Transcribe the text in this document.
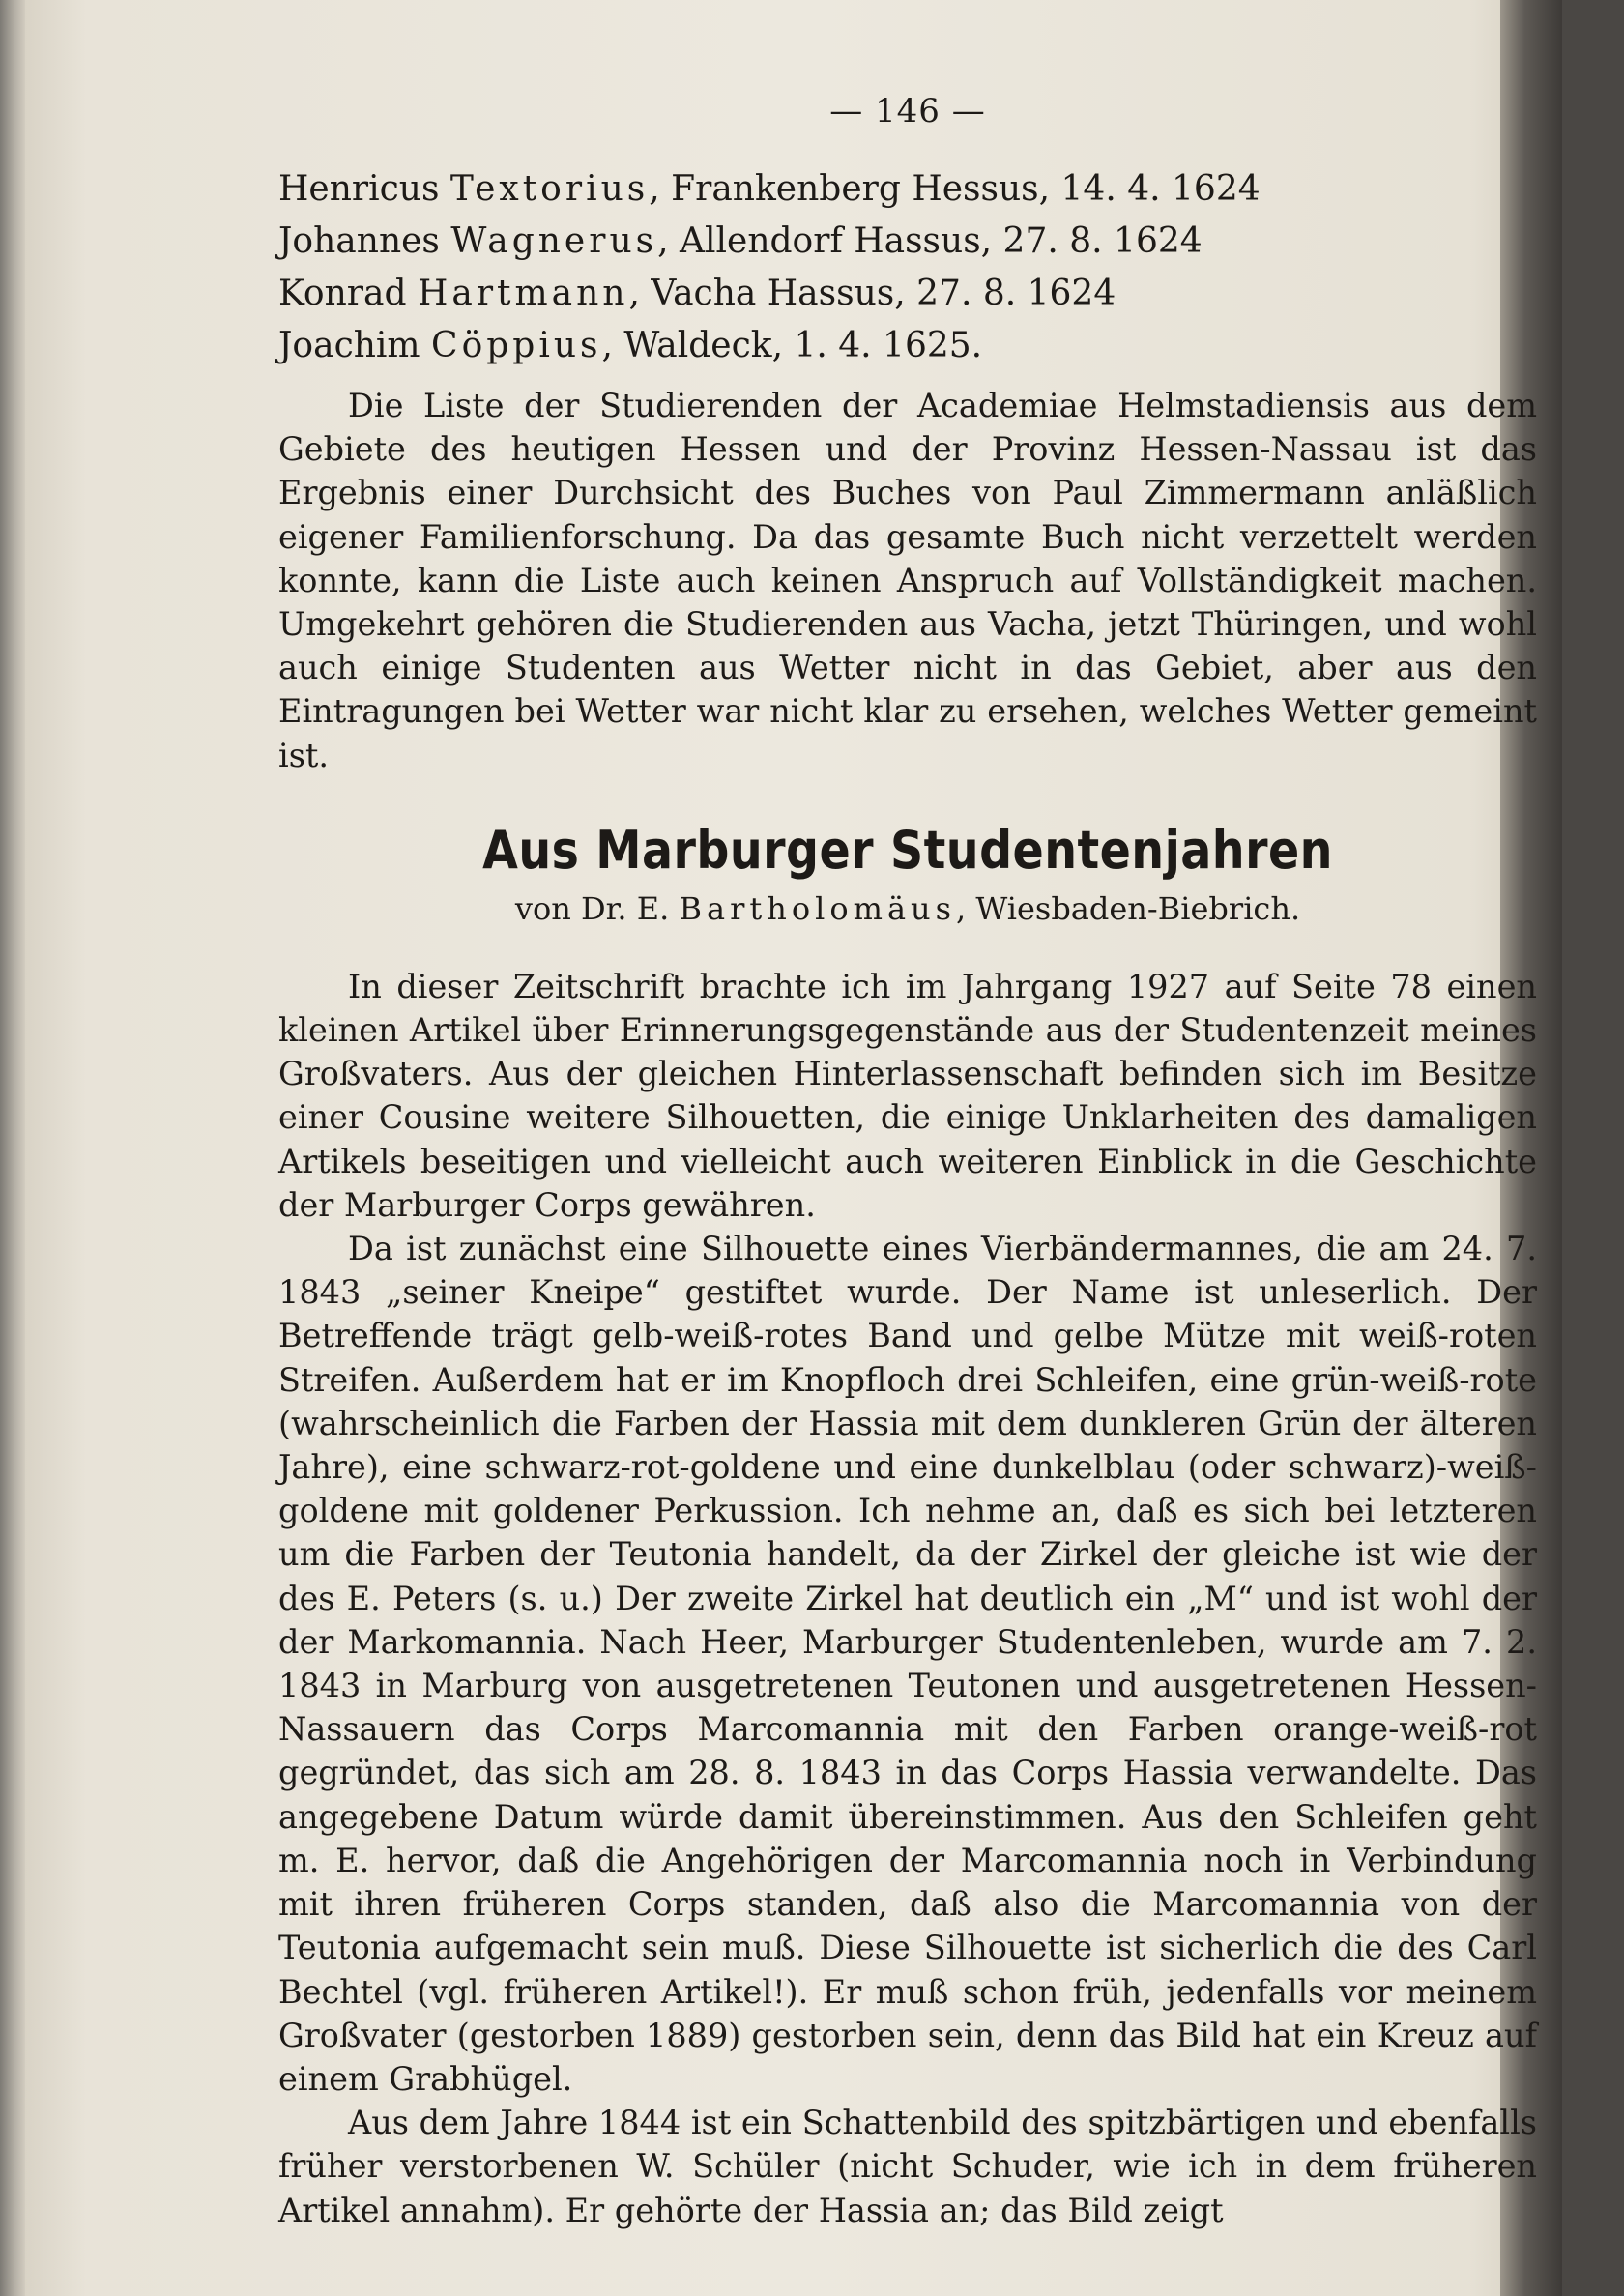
— 146 —
Henricus Textorius, Frankenberg Hessus, 14. 4. 1624
Johannes Wagnerus, Allendorf Hassus, 27. 8. 1624
Konrad Hartmann, Vacha Hassus, 27. 8. 1624
Joachim Cöppius, Waldeck, 1. 4. 1625.

Die Liste der Studierenden der Academiae Helmstadiensis aus dem Gebiete des heutigen Hessen und der Provinz Hessen-Nassau ist das Ergebnis einer Durchsicht des Buches von Paul Zimmermann anläßlich eigener Familienforschung. Da das gesamte Buch nicht verzettelt werden konnte, kann die Liste auch keinen Anspruch auf Vollständigkeit machen. Umgekehrt gehören die Studierenden aus Vacha, jetzt Thüringen, und wohl auch einige Studenten aus Wetter nicht in das Gebiet, aber aus den Eintragungen bei Wetter war nicht klar zu ersehen, welches Wetter gemeint ist.

Aus Marburger Studentenjahren
von Dr. E. Bartholomäus, Wiesbaden-Biebrich.

In dieser Zeitschrift brachte ich im Jahrgang 1927 auf Seite 78 einen kleinen Artikel über Erinnerungsgegenstände aus der Studentenzeit meines Großvaters. Aus der gleichen Hinterlassenschaft befinden sich im Besitze einer Cousine weitere Silhouetten, die einige Unklarheiten des damaligen Artikels beseitigen und vielleicht auch weiteren Einblick in die Geschichte der Marburger Corps gewähren.

Da ist zunächst eine Silhouette eines Vierbändermannes, die am 24. 7. 1843 „seiner Kneipe“ gestiftet wurde. Der Name ist unleserlich. Der Betreffende trägt gelb-weiß-rotes Band und gelbe Mütze mit weiß-roten Streifen. Außerdem hat er im Knopfloch drei Schleifen, eine grün-weiß-rote (wahrscheinlich die Farben der Hassia mit dem dunkleren Grün der älteren Jahre), eine schwarz-rot-goldene und eine dunkelblau (oder schwarz)-weiß-goldene mit goldener Perkussion. Ich nehme an, daß es sich bei letzteren um die Farben der Teutonia handelt, da der Zirkel der gleiche ist wie der des E. Peters (s. u.) Der zweite Zirkel hat deutlich ein „M“ und ist wohl der der Markomannia. Nach Heer, Marburger Studentenleben, wurde am 7. 2. 1843 in Marburg von ausgetretenen Teutonen und ausgetretenen Hessen-Nassauern das Corps Marcomannia mit den Farben orange-weiß-rot gegründet, das sich am 28. 8. 1843 in das Corps Hassia verwandelte. Das angegebene Datum würde damit übereinstimmen. Aus den Schleifen geht m. E. hervor, daß die Angehörigen der Marcomannia noch in Verbindung mit ihren früheren Corps standen, daß also die Marcomannia von der Teutonia aufgemacht sein muß. Diese Silhouette ist sicherlich die des Carl Bechtel (vgl. früheren Artikel!). Er muß schon früh, jedenfalls vor meinem Großvater (gestorben 1889) gestorben sein, denn das Bild hat ein Kreuz auf einem Grabhügel.

Aus dem Jahre 1844 ist ein Schattenbild des spitzbärtigen und ebenfalls früher verstorbenen W. Schüler (nicht Schuder, wie ich in dem früheren Artikel annahm). Er gehörte der Hassia an; das Bild zeigt
